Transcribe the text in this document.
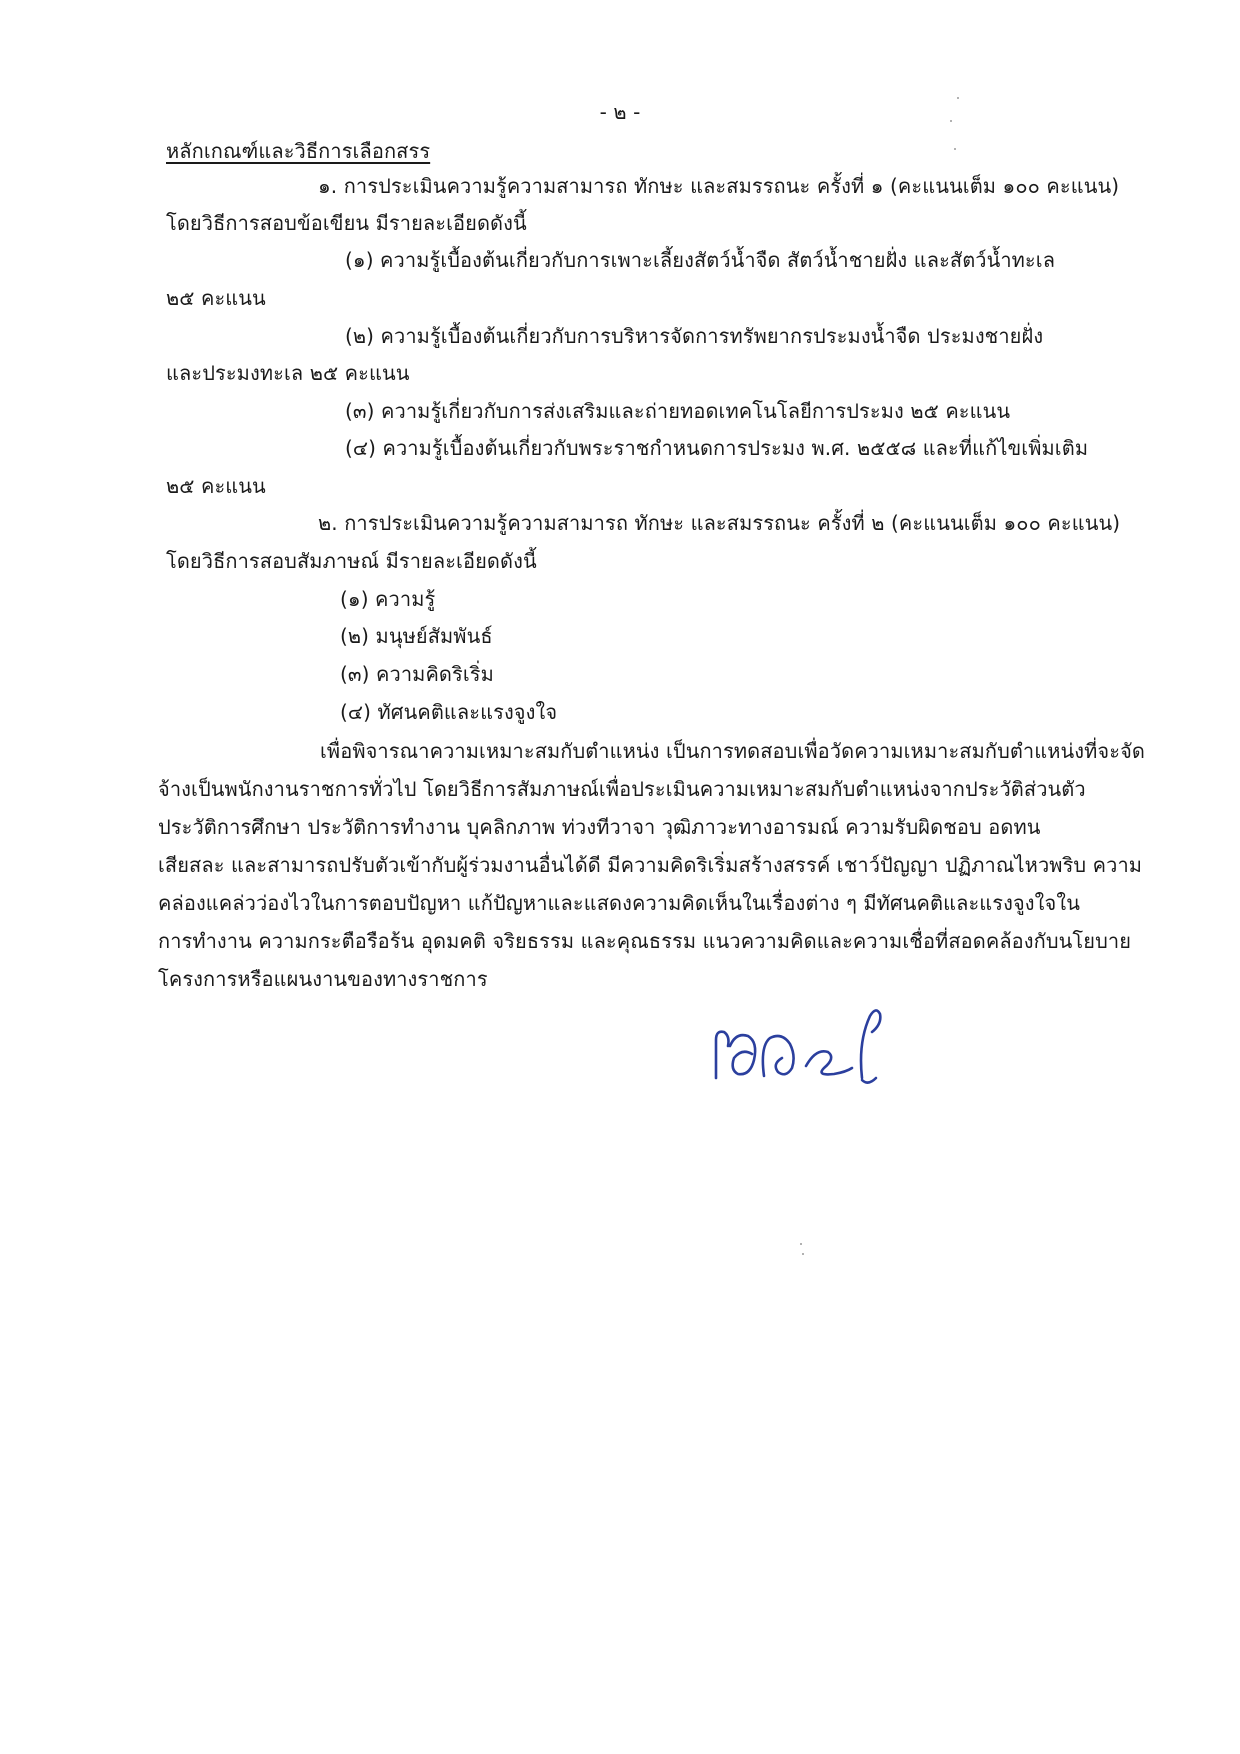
- ๒ -
หลักเกณฑ์และวิธีการเลือกสรร
๑. การประเมินความรู้ความสามารถ ทักษะ และสมรรถนะ ครั้งที่ ๑ (คะแนนเต็ม ๑๐๐ คะแนน)
โดยวิธีการสอบข้อเขียน มีรายละเอียดดังนี้
(๑) ความรู้เบื้องต้นเกี่ยวกับการเพาะเลี้ยงสัตว์น้ำจืด สัตว์น้ำชายฝั่ง และสัตว์น้ำทะเล
๒๕ คะแนน
(๒) ความรู้เบื้องต้นเกี่ยวกับการบริหารจัดการทรัพยากรประมงน้ำจืด ประมงชายฝั่ง
และประมงทะเล ๒๕ คะแนน
(๓) ความรู้เกี่ยวกับการส่งเสริมและถ่ายทอดเทคโนโลยีการประมง ๒๕ คะแนน
(๔) ความรู้เบื้องต้นเกี่ยวกับพระราชกำหนดการประมง พ.ศ. ๒๕๕๘ และที่แก้ไขเพิ่มเติม
๒๕ คะแนน
๒. การประเมินความรู้ความสามารถ ทักษะ และสมรรถนะ ครั้งที่ ๒ (คะแนนเต็ม ๑๐๐ คะแนน)
โดยวิธีการสอบสัมภาษณ์ มีรายละเอียดดังนี้
(๑) ความรู้
(๒) มนุษย์สัมพันธ์
(๓) ความคิดริเริ่ม
(๔) ทัศนคติและแรงจูงใจ
เพื่อพิจารณาความเหมาะสมกับตำแหน่ง เป็นการทดสอบเพื่อวัดความเหมาะสมกับตำแหน่งที่จะจัด
จ้างเป็นพนักงานราชการทั่วไป โดยวิธีการสัมภาษณ์เพื่อประเมินความเหมาะสมกับตำแหน่งจากประวัติส่วนตัว
ประวัติการศึกษา ประวัติการทำงาน บุคลิกภาพ ท่วงทีวาจา วุฒิภาวะทางอารมณ์ ความรับผิดชอบ อดทน
เสียสละ และสามารถปรับตัวเข้ากับผู้ร่วมงานอื่นได้ดี มีความคิดริเริ่มสร้างสรรค์ เชาว์ปัญญา ปฏิภาณไหวพริบ ความ
คล่องแคล่วว่องไวในการตอบปัญหา แก้ปัญหาและแสดงความคิดเห็นในเรื่องต่าง ๆ มีทัศนคติและแรงจูงใจใน
การทำงาน ความกระตือรือร้น อุดมคติ จริยธรรม และคุณธรรม แนวความคิดและความเชื่อที่สอดคล้องกับนโยบาย
โครงการหรือแผนงานของทางราชการ
